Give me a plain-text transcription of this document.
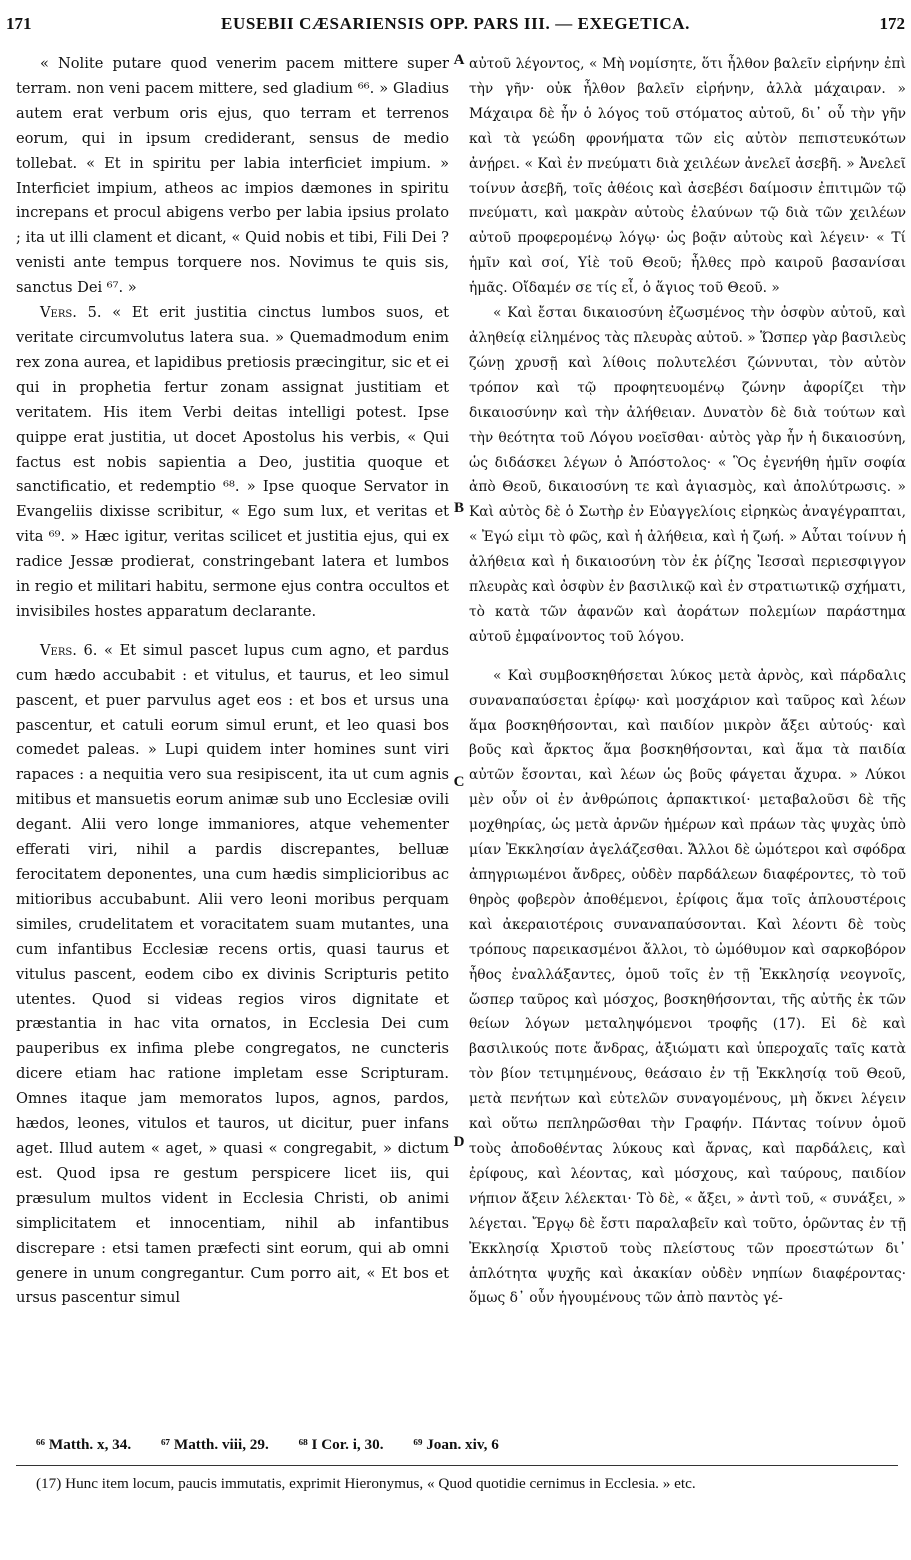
171	EUSEBII CÆSARIENSIS OPP. PARS III. — EXEGETICA.	172

« Nolite putare quod venerim pacem mittere super terram. non veni pacem mittere, sed gladium ⁶⁶. » Gladius autem erat verbum oris ejus, quo terram et terrenos eorum, qui in ipsum crediderant, sensus de medio tollebat. « Et in spiritu per labia interficiet impium. » Interficiet impium, atheos ac impios dæmones in spiritu increpans et procul abigens verbo per labia ipsius prolato ; ita ut illi clament et dicant, « Quid nobis et tibi, Fili Dei ? venisti ante tempus torquere nos. Novimus te quis sis, sanctus Dei ⁶⁷. »

Vers. 5. « Et erit justitia cinctus lumbos suos, et veritate circumvolutus latera sua. » Quemadmodum enim rex zona aurea, et lapidibus pretiosis præcingitur, sic et ei qui in prophetia fertur zonam assignat justitiam et veritatem. His item Verbi deitas intelligi potest. Ipse quippe erat justitia, ut docet Apostolus his verbis, « Qui factus est nobis sapientia a Deo, justitia quoque et sanctificatio, et redemptio ⁶⁸. » Ipse quoque Servator in Evangeliis dixisse scribitur, « Ego sum lux, et veritas et vita ⁶⁹. » Hæc igitur, veritas scilicet et justitia ejus, qui ex radice Jessæ prodierat, constringebant latera et lumbos in regio et militari habitu, sermone ejus contra occultos et invisibiles hostes apparatum declarante.

Vers. 6. « Et simul pascet lupus cum agno, et pardus cum hædo accubabit : et vitulus, et taurus, et leo simul pascent, et puer parvulus aget eos : et bos et ursus una pascentur, et catuli eorum simul erunt, et leo quasi bos comedet paleas. » Lupi quidem inter homines sunt viri rapaces : a nequitia vero sua resipiscent, ita ut cum agnis mitibus et mansuetis eorum animæ sub uno Ecclesiæ ovili degant. Alii vero longe immaniores, atque vehementer efferati viri, nihil a pardis discrepantes, belluæ ferocitatem deponentes, una cum hædis simplicioribus ac mitioribus accubabunt. Alii vero leoni moribus perquam similes, crudelitatem et voracitatem suam mutantes, una cum infantibus Ecclesiæ recens ortis, quasi taurus et vitulus pascent, eodem cibo ex divinis Scripturis petito utentes. Quod si videas regios viros dignitate et præstantia in hac vita ornatos, in Ecclesia Dei cum pauperibus ex infima plebe congregatos, ne cuncteris dicere etiam hac ratione impletam esse Scripturam. Omnes itaque jam memoratos lupos, agnos, pardos, hædos, leones, vitulos et tauros, ut dicitur, puer infans aget. Illud autem « aget, » quasi « congregabit, » dictum est. Quod ipsa re gestum perspicere licet iis, qui præsulum multos vident in Ecclesia Christi, ob animi simplicitatem et innocentiam, nihil ab infantibus discrepare : etsi tamen præfecti sint eorum, qui ab omni genere in unum congregantur. Cum porro ait, « Et bos et ursus pascentur simul

A
B
C
D

αὐτοῦ λέγοντος, « Μὴ νομίσητε, ὅτι ἦλθον βαλεῖν εἰρήνην ἐπὶ τὴν γῆν· οὐκ ἦλθον βαλεῖν εἰρήνην, ἀλλὰ μάχαιραν. » Μάχαιρα δὲ ἦν ὁ λόγος τοῦ στόματος αὐτοῦ, δι᾽ οὗ τὴν γῆν καὶ τὰ γεώδη φρονήματα τῶν εἰς αὐτὸν πεπιστευκότων ἀνῄρει. « Καὶ ἐν πνεύματι διὰ χειλέων ἀνελεῖ ἀσεβῆ. » Ἀνελεῖ τοίνυν ἀσεβῆ, τοῖς ἀθέοις καὶ ἀσεβέσι δαίμοσιν ἐπιτιμῶν τῷ πνεύματι, καὶ μακρὰν αὐτοὺς ἐλαύνων τῷ διὰ τῶν χειλέων αὐτοῦ προφερομένῳ λόγῳ· ὡς βοᾷν αὐτοὺς καὶ λέγειν· « Τί ἡμῖν καὶ σοί, Υἱὲ τοῦ Θεοῦ; ἦλθες πρὸ καιροῦ βασανίσαι ἡμᾶς. Οἴδαμέν σε τίς εἶ, ὁ ἅγιος τοῦ Θεοῦ. »

« Καὶ ἔσται δικαιοσύνη ἐζωσμένος τὴν ὀσφὺν αὐτοῦ, καὶ ἀληθείᾳ εἰλημένος τὰς πλευρὰς αὐτοῦ. » Ὥσπερ γὰρ βασιλεὺς ζώνῃ χρυσῇ καὶ λίθοις πολυτελέσι ζώννυται, τὸν αὐτὸν τρόπον καὶ τῷ προφητευομένῳ ζώνην ἀφορίζει τὴν δικαιοσύνην καὶ τὴν ἀλήθειαν. Δυνατὸν δὲ διὰ τούτων καὶ τὴν θεότητα τοῦ Λόγου νοεῖσθαι· αὐτὸς γὰρ ἦν ἡ δικαιοσύνη, ὡς διδάσκει λέγων ὁ Ἀπόστολος· « Ὃς ἐγενήθη ἡμῖν σοφία ἀπὸ Θεοῦ, δικαιοσύνη τε καὶ ἁγιασμὸς, καὶ ἀπολύτρωσις. » Καὶ αὐτὸς δὲ ὁ Σωτὴρ ἐν Εὐαγγελίοις εἰρηκὼς ἀναγέγραπται, « Ἐγώ εἰμι τὸ φῶς, καὶ ἡ ἀλήθεια, καὶ ἡ ζωή. » Αὗται τοίνυν ἡ ἀλήθεια καὶ ἡ δικαιοσύνη τὸν ἐκ ῥίζης Ἰεσσαὶ περιεσφιγγον πλευρὰς καὶ ὀσφὺν ἐν βασιλικῷ καὶ ἐν στρατιωτικῷ σχήματι, τὸ κατὰ τῶν ἀφανῶν καὶ ἀοράτων πολεμίων παράστημα αὐτοῦ ἐμφαίνοντος τοῦ λόγου.

« Καὶ συμβοσκηθήσεται λύκος μετὰ ἀρνὸς, καὶ πάρδαλις συναναπαύσεται ἐρίφῳ· καὶ μοσχάριον καὶ ταῦρος καὶ λέων ἅμα βοσκηθήσονται, καὶ παιδίον μικρὸν ἄξει αὐτούς· καὶ βοῦς καὶ ἄρκτος ἅμα βοσκηθήσονται, καὶ ἅμα τὰ παιδία αὐτῶν ἔσονται, καὶ λέων ὡς βοῦς φάγεται ἄχυρα. » Λύκοι μὲν οὖν οἱ ἐν ἀνθρώποις ἁρπακτικοί· μεταβαλοῦσι δὲ τῆς μοχθηρίας, ὡς μετὰ ἀρνῶν ἡμέρων καὶ πράων τὰς ψυχὰς ὑπὸ μίαν Ἐκκλησίαν ἀγελάζεσθαι. Ἄλλοι δὲ ὠμότεροι καὶ σφόδρα ἀπηγριωμένοι ἄνδρες, οὐδὲν παρδάλεων διαφέροντες, τὸ τοῦ θηρὸς φοβερὸν ἀποθέμενοι, ἐρίφοις ἅμα τοῖς ἁπλουστέροις καὶ ἀκεραιοτέροις συναναπαύσονται. Καὶ λέοντι δὲ τοὺς τρόπους παρεικασμένοι ἄλλοι, τὸ ὠμόθυμον καὶ σαρκοβόρον ἦθος ἐναλλάξαντες, ὁμοῦ τοῖς ἐν τῇ Ἐκκλησίᾳ νεογνοῖς, ὥσπερ ταῦρος καὶ μόσχος, βοσκηθήσονται, τῆς αὐτῆς ἐκ τῶν θείων λόγων μεταληψόμενοι τροφῆς (17). Εἰ δὲ καὶ βασιλικούς ποτε ἄνδρας, ἀξιώματι καὶ ὑπεροχαῖς ταῖς κατὰ τὸν βίον τετιμημένους, θεάσαιο ἐν τῇ Ἐκκλησίᾳ τοῦ Θεοῦ, μετὰ πενήτων καὶ εὐτελῶν συναγομένους, μὴ ὄκνει λέγειν καὶ οὕτω πεπληρῶσθαι τὴν Γραφήν. Πάντας τοίνυν ὁμοῦ τοὺς ἀποδοθέντας λύκους καὶ ἄρνας, καὶ παρδάλεις, καὶ ἐρίφους, καὶ λέοντας, καὶ μόσχους, καὶ ταύρους, παιδίον νήπιον ἄξειν λέλεκται· Τὸ δὲ, « ἄξει, » ἀντὶ τοῦ, « συνάξει, » λέγεται. Ἔργῳ δὲ ἔστι παραλαβεῖν καὶ τοῦτο, ὁρῶντας ἐν τῇ Ἐκκλησίᾳ Χριστοῦ τοὺς πλείστους τῶν προεστώτων δι᾽ ἁπλότητα ψυχῆς καὶ ἀκακίαν οὐδὲν νηπίων διαφέροντας· ὅμως δ᾽ οὖν ἡγουμένους τῶν ἀπὸ παντὸς γέ-

⁶⁶ Matth. x, 34. ⁶⁷ Matth. viii, 29. ⁶⁸ I Cor. i, 30. ⁶⁹ Joan. xiv, 6
(17) Hunc item locum, paucis immutatis, exprimit Hieronymus, « Quod quotidie cernimus in Ecclesia. » etc.
